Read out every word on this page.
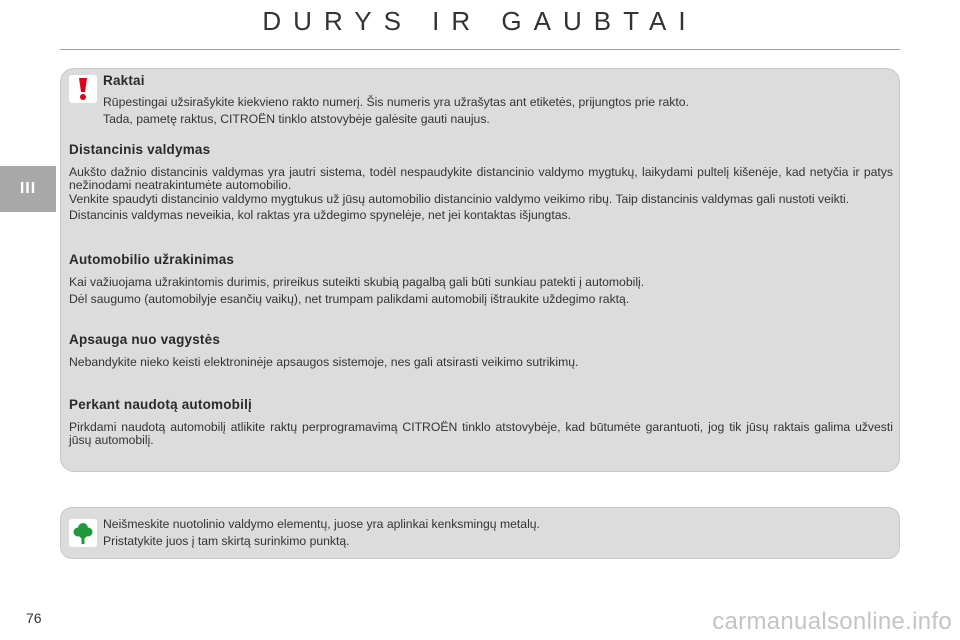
DURYS IR GAUBTAI
III

Raktai

Rūpestingai užsirašykite kiekvieno rakto numerį. Šis numeris yra užrašytas ant etiketės, prijungtos prie rakto.

Tada, pametę raktus, CITROËN tinklo atstovybėje galėsite gauti naujus.

Distancinis valdymas

Aukšto dažnio distancinis valdymas yra jautri sistema, todėl nespaudykite distancinio valdymo mygtukų, laikydami pultelį kišenėje, kad netyčia ir patys nežinodami neatrakintumėte automobilio.

Venkite spaudyti distancinio valdymo mygtukus už jūsų automobilio distancinio valdymo veikimo ribų. Taip distancinis valdymas gali nustoti veikti.

Distancinis valdymas neveikia, kol raktas yra uždegimo spynelėje, net jei kontaktas išjungtas.

Automobilio užrakinimas

Kai važiuojama užrakintomis durimis, prireikus suteikti skubią pagalbą gali būti sunkiau patekti į automobilį.

Dėl saugumo (automobilyje esančių vaikų), net trumpam palikdami automobilį ištraukite uždegimo raktą.

Apsauga nuo vagystės

Nebandykite nieko keisti elektroninėje apsaugos sistemoje, nes gali atsirasti veikimo sutrikimų.

Perkant naudotą automobilį

Pirkdami naudotą automobilį atlikite raktų perprogramavimą CITROËN tinklo atstovybėje, kad būtumėte garantuoti, jog tik jūsų raktais galima užvesti jūsų automobilį.

Neišmeskite nuotolinio valdymo elementų, juose yra aplinkai kenksmingų metalų.

Pristatykite juos į tam skirtą surinkimo punktą.

76	carmanualsonline.info
